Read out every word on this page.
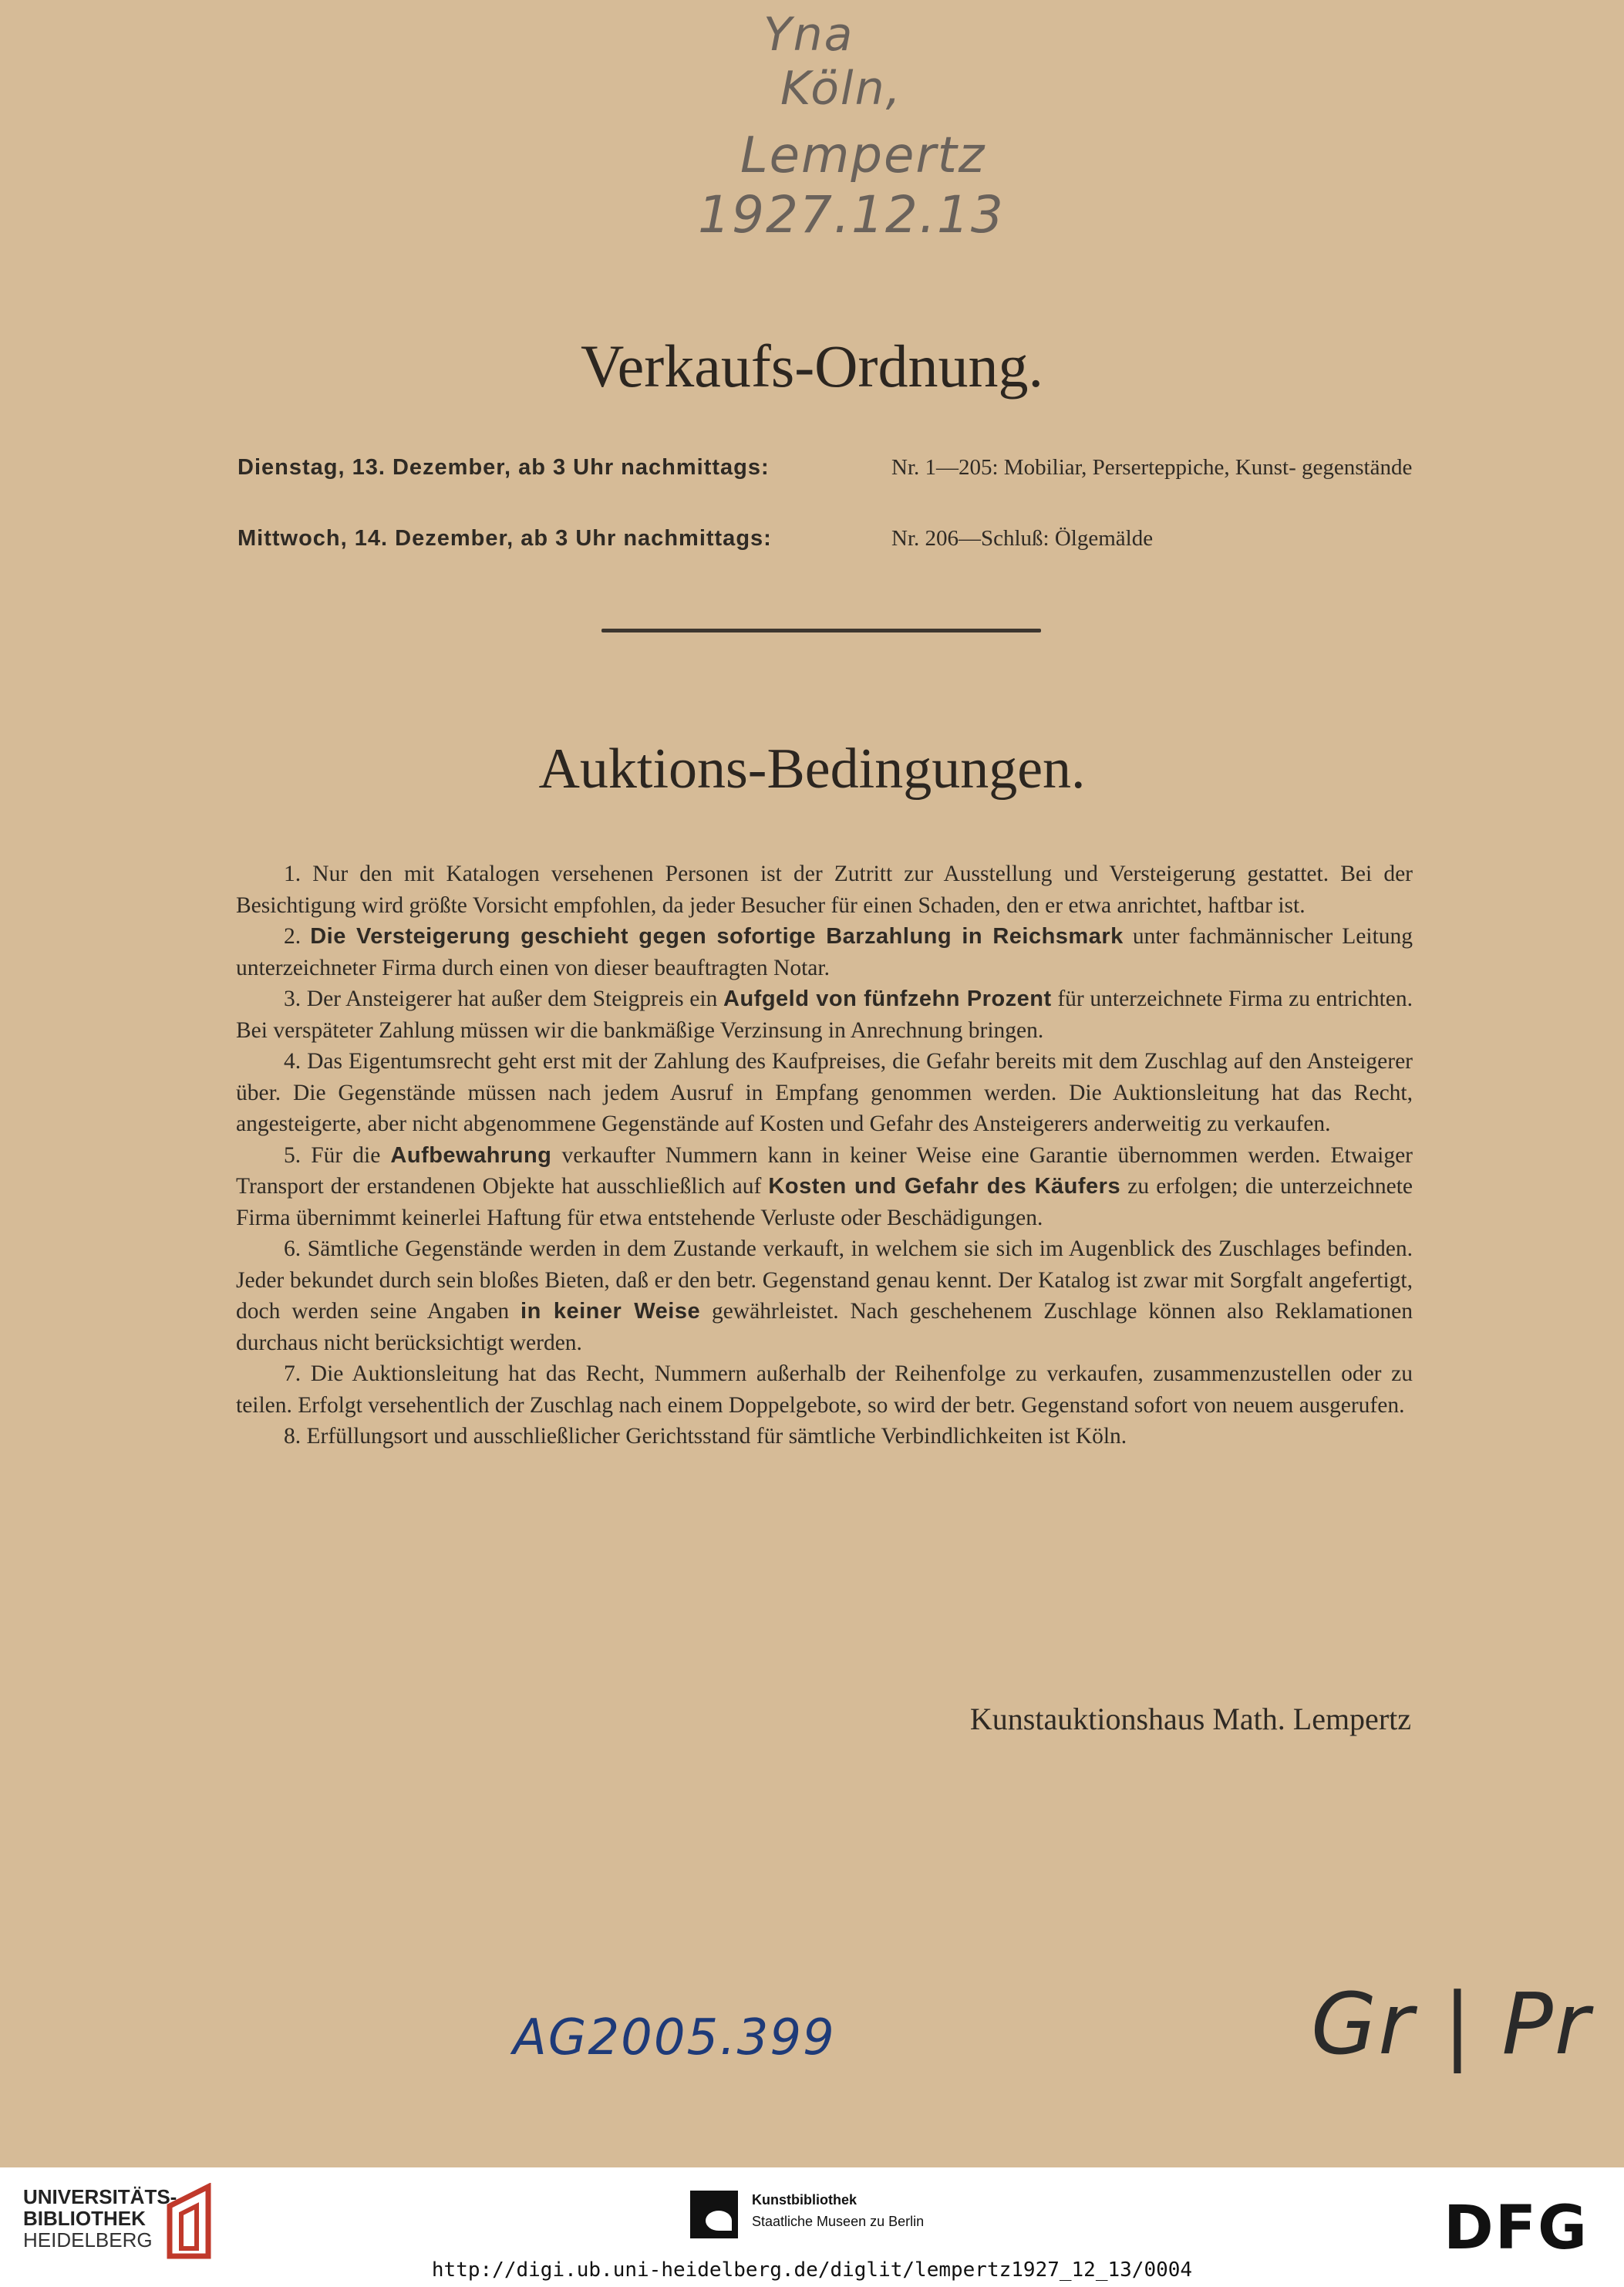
Yna
Köln,
Lempertz
1927.12.13
Verkaufs-Ordnung.
Dienstag, 13. Dezember, ab 3 Uhr nachmittags:	Nr. 1—205: Mobiliar, Perserteppiche, Kunst- gegenstände
Mittwoch, 14. Dezember, ab 3 Uhr nachmittags:	Nr. 206—Schluß: Ölgemälde
Auktions-Bedingungen.

1. Nur den mit Katalogen versehenen Personen ist der Zutritt zur Ausstellung und Versteigerung gestattet. Bei der Besichtigung wird größte Vorsicht empfohlen, da jeder Besucher für einen Schaden, den er etwa anrichtet, haftbar ist.

2. Die Versteigerung geschieht gegen sofortige Barzahlung in Reichsmark unter fachmännischer Leitung unterzeichneter Firma durch einen von dieser beauftragten Notar.

3. Der Ansteigerer hat außer dem Steigpreis ein Aufgeld von fünfzehn Prozent für unterzeichnete Firma zu entrichten. Bei verspäteter Zahlung müssen wir die bankmäßige Verzinsung in Anrechnung bringen.

4. Das Eigentumsrecht geht erst mit der Zahlung des Kaufpreises, die Gefahr bereits mit dem Zuschlag auf den Ansteigerer über. Die Gegenstände müssen nach jedem Ausruf in Empfang genommen werden. Die Auktionsleitung hat das Recht, angesteigerte, aber nicht abgenommene Gegenstände auf Kosten und Gefahr des Ansteigerers anderweitig zu verkaufen.

5. Für die Aufbewahrung verkaufter Nummern kann in keiner Weise eine Garantie übernommen werden. Etwaiger Transport der erstandenen Objekte hat ausschließlich auf Kosten und Gefahr des Käufers zu erfolgen; die unterzeichnete Firma übernimmt keinerlei Haftung für etwa entstehende Verluste oder Beschädigungen.

6. Sämtliche Gegenstände werden in dem Zustande verkauft, in welchem sie sich im Augenblick des Zuschlages befinden. Jeder bekundet durch sein bloßes Bieten, daß er den betr. Gegenstand genau kennt. Der Katalog ist zwar mit Sorgfalt angefertigt, doch werden seine Angaben in keiner Weise gewährleistet. Nach geschehenem Zuschlage können also Reklamationen durchaus nicht berücksichtigt werden.

7. Die Auktionsleitung hat das Recht, Nummern außerhalb der Reihenfolge zu verkaufen, zusammenzustellen oder zu teilen. Erfolgt versehentlich der Zuschlag nach einem Doppelgebote, so wird der betr. Gegenstand sofort von neuem ausgerufen.

8. Erfüllungsort und ausschließlicher Gerichtsstand für sämtliche Verbindlichkeiten ist Köln.

Kunstauktionshaus Math. Lempertz
AG2005.399	Gr | Pr
UNIVERSITÄTS-
BIBLIOTHEK
HEIDELBERG
Kunstbibliothek
Staatliche Museen zu Berlin	DFG
http://digi.ub.uni-heidelberg.de/diglit/lempertz1927_12_13/0004
